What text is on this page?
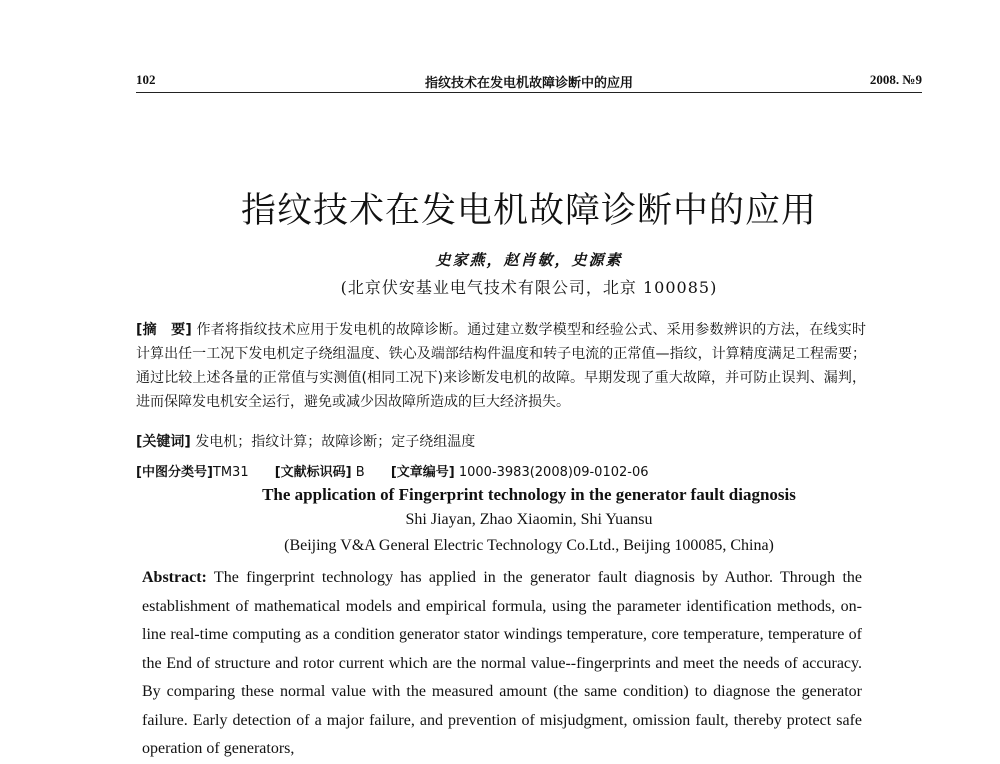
102	指纹技术在发电机故障诊断中的应用	2008. №9
指纹技术在发电机故障诊断中的应用
史家燕，赵肖敏，史源素
(北京伏安基业电气技术有限公司，北京 100085)
[摘　要] 作者将指纹技术应用于发电机的故障诊断。通过建立数学模型和经验公式、采用参数辨识的方法，在线实时计算出任一工况下发电机定子绕组温度、铁心及端部结构件温度和转子电流的正常值—指纹，计算精度满足工程需要；通过比较上述各量的正常值与实测值(相同工况下)来诊断发电机的故障。早期发现了重大故障，并可防止误判、漏判，进而保障发电机安全运行，避免或减少因故障所造成的巨大经济损失。
[关键词] 发电机；指纹计算；故障诊断；定子绕组温度
[中图分类号]TM31 [文献标识码] B [文章编号] 1000-3983(2008)09-0102-06
The application of Fingerprint technology in the generator fault diagnosis
Shi Jiayan, Zhao Xiaomin, Shi Yuansu
(Beijing V&A General Electric Technology Co.Ltd., Beijing 100085, China)
Abstract: The fingerprint technology has applied in the generator fault diagnosis by Author. Through the establishment of mathematical models and empirical formula, using the parameter identification methods, on-line real-time computing as a condition generator stator windings temperature, core temperature, temperature of the End of structure and rotor current which are the normal value--fingerprints and meet the needs of accuracy. By comparing these normal value with the measured amount (the same condition) to diagnose the generator failure. Early detection of a major failure, and prevention of misjudgment, omission fault, thereby protect safe operation of generators,
